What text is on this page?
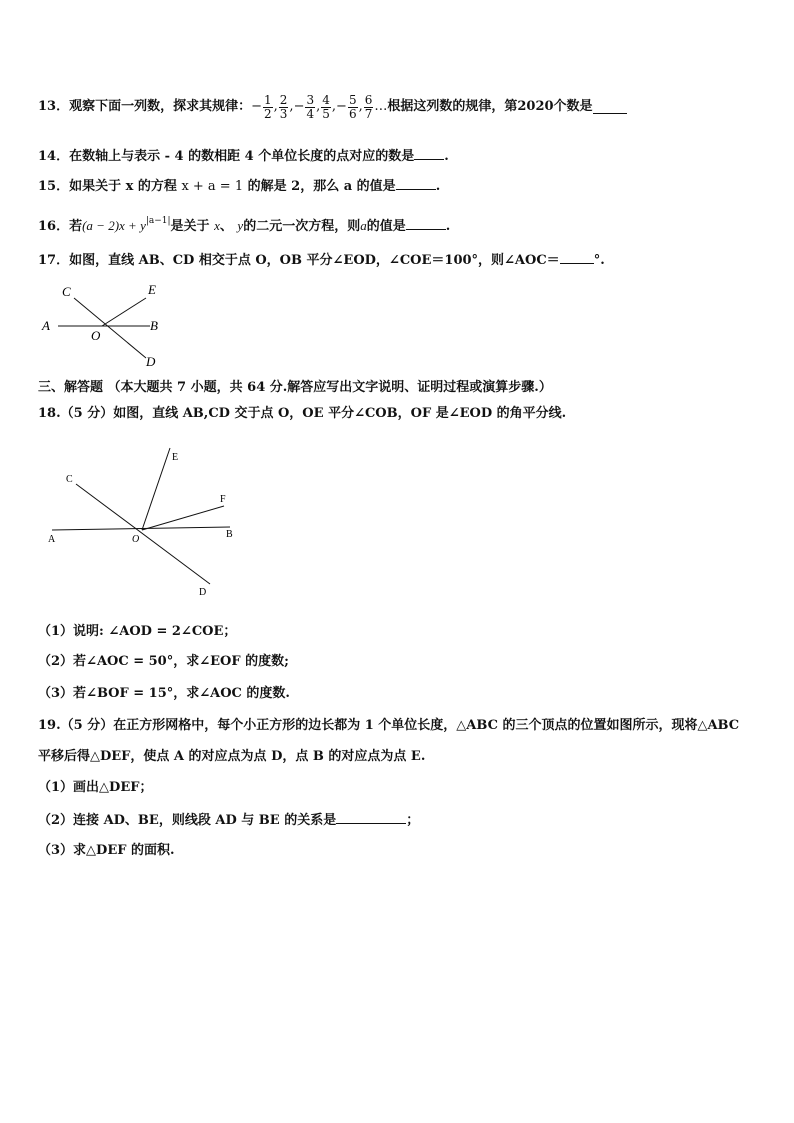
13．观察下面一列数，探求其规律： − $\frac{1}{2}$ , $\frac{2}{3}$ , − $\frac{3}{4}$ , $\frac{4}{5}$ , − $\frac{5}{6}$ , $\frac{6}{7}$ … 根据这列数的规律，第2020个数是
14．在数轴上与表示 - 4 的数相距 4 个单位长度的点对应的数是 .
15．如果关于 x 的方程 x + a = 1 的解是 2，那么 a 的值是	.
16．若$(a - 2)x + y^{|a-1|}$是关于 x、 y的二元一次方程，则a的值是	.
17．如图，直线 AB、CD 相交于点 O，OB 平分∠EOD，∠COE＝100°，则∠AOC＝	°.
A	B
C
D
E
O
三、解答题 （本大题共 7 小题，共 64 分.解答应写出文字说明、证明过程或演算步骤.）
18.（5 分）如图，直线 AB,CD 交于点 O，OE 平分∠COB，OF 是∠EOD 的角平分线.
A	B
C
D
E
F
O
（1）说明: ∠AOD = 2∠COE；
（2）若∠AOC = 50°，求∠EOF 的度数;
（3）若∠BOF = 15°，求∠AOC 的度数.
19.（5 分）在正方形网格中，每个小正方形的边长都为 1 个单位长度，△ABC 的三个顶点的位置如图所示，现将△ABC
平移后得△DEF，使点 A 的对应点为点 D，点 B 的对应点为点 E.
（1）画出△DEF；
（2）连接 AD、BE，则线段 AD 与 BE 的关系是	；
（3）求△DEF 的面积.
